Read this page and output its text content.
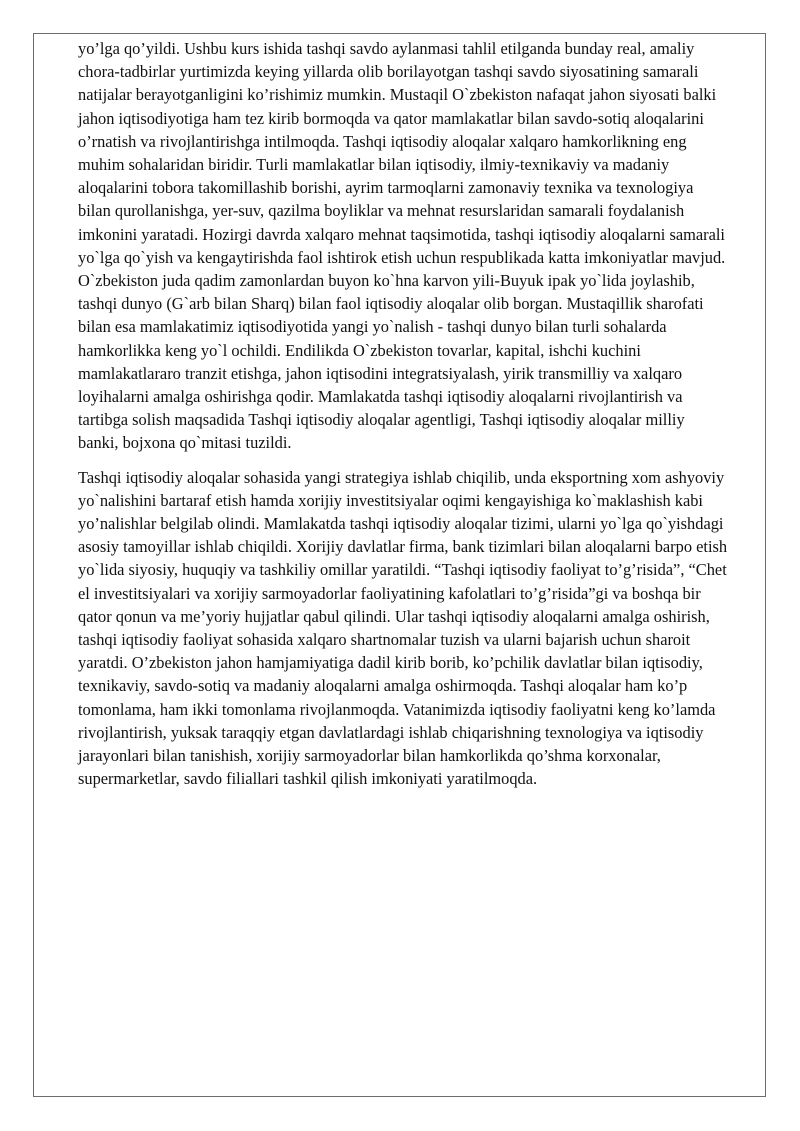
yo’lga qo’yildi. Ushbu kurs ishida tashqi savdo aylanmasi tahlil etilganda bunday real, amaliy chora-tadbirlar yurtimizda keying yillarda olib borilayotgan tashqi savdo siyosatining samarali natijalar berayotganligini ko’rishimiz mumkin. Mustaqil O`zbekiston nafaqat jahon siyosati balki jahon iqtisodiyotiga ham tez kirib bormoqda va qator mamlakatlar bilan savdo-sotiq aloqalarini o’rnatish va rivojlantirishga intilmoqda. Tashqi iqtisodiy aloqalar xalqaro hamkorlikning eng muhim sohalaridan biridir. Turli mamlakatlar bilan iqtisodiy, ilmiy-texnikaviy va madaniy aloqalarini tobora takomillashib borishi, ayrim tarmoqlarni zamonaviy texnika va texnologiya bilan qurollanishga, yer-suv, qazilma boyliklar va mehnat resurslaridan samarali foydalanish imkonini yaratadi. Hozirgi davrda xalqaro mehnat taqsimotida, tashqi iqtisodiy aloqalarni samarali yo`lga qo`yish va kengaytirishda faol ishtirok etish uchun respublikada katta imkoniyatlar mavjud. O`zbekiston juda qadim zamonlardan buyon ko`hna karvon yili-Buyuk ipak yo`lida joylashib, tashqi dunyo (G`arb bilan Sharq) bilan faol iqtisodiy aloqalar olib borgan. Mustaqillik sharofati bilan esa mamlakatimiz iqtisodiyotida yangi yo`nalish - tashqi dunyo bilan turli sohalarda hamkorlikka keng yo`l ochildi. Endilikda O`zbekiston tovarlar, kapital, ishchi kuchini mamlakatlararo tranzit etishga, jahon iqtisodini integratsiyalash, yirik transmilliy va xalqaro loyihalarni amalga oshirishga qodir. Mamlakatda tashqi iqtisodiy aloqalarni rivojlantirish va tartibga solish maqsadida Tashqi iqtisodiy aloqalar agentligi, Tashqi iqtisodiy aloqalar milliy banki, bojxona qo`mitasi tuzildi.

Tashqi iqtisodiy aloqalar sohasida yangi strategiya ishlab chiqilib, unda eksportning xom ashyoviy yo`nalishini bartaraf etish hamda xorijiy investitsiyalar oqimi kengayishiga ko`maklashish kabi yo’nalishlar belgilab olindi. Mamlakatda tashqi iqtisodiy aloqalar tizimi, ularni yo`lga qo`yishdagi asosiy tamoyillar ishlab chiqildi. Xorijiy davlatlar firma, bank tizimlari bilan aloqalarni barpo etish yo`lida siyosiy, huquqiy va tashkiliy omillar yaratildi. “Tashqi iqtisodiy faoliyat to’g’risida”, “Chet el investitsiyalari va xorijiy sarmoyadorlar faoliyatining kafolatlari to’g’risida”gi va boshqa bir qator qonun va me’yoriy hujjatlar qabul qilindi. Ular tashqi iqtisodiy aloqalarni amalga oshirish, tashqi iqtisodiy faoliyat sohasida xalqaro shartnomalar tuzish va ularni bajarish uchun sharoit yaratdi. O’zbekiston jahon hamjamiyatiga dadil kirib borib, ko’pchilik davlatlar bilan iqtisodiy, texnikaviy, savdo-sotiq va madaniy aloqalarni amalga oshirmoqda. Tashqi aloqalar ham ko’p tomonlama, ham ikki tomonlama rivojlanmoqda. Vatanimizda iqtisodiy faoliyatni keng ko’lamda rivojlantirish, yuksak taraqqiy etgan davlatlardagi ishlab chiqarishning texnologiya va iqtisodiy jarayonlari bilan tanishish, xorijiy sarmoyadorlar bilan hamkorlikda qo’shma korxonalar, supermarketlar, savdo filiallari tashkil qilish imkoniyati yaratilmoqda.
